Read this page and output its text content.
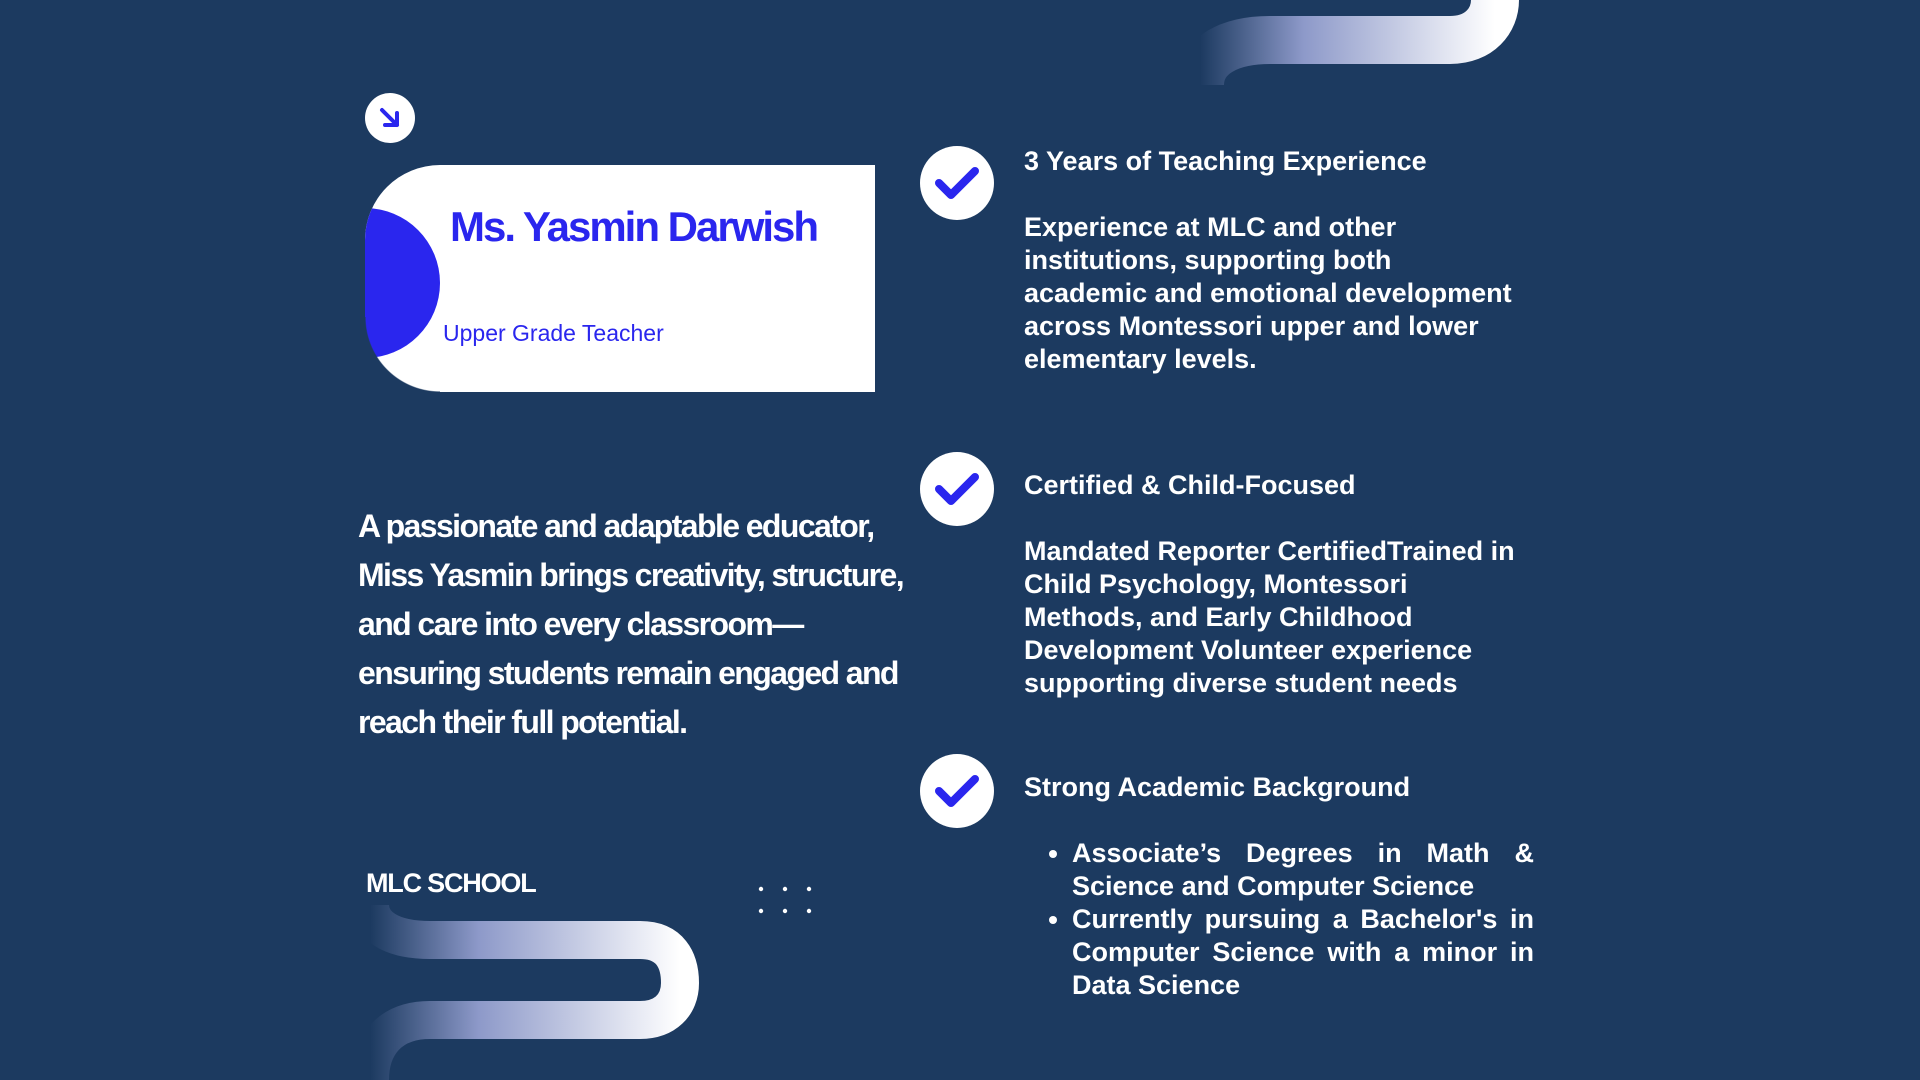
Ms. Yasmin Darwish
Upper Grade Teacher
A passionate and adaptable educator, Miss Yasmin brings creativity, structure, and care into every classroom—ensuring students remain engaged and reach their full potential.
MLC SCHOOL
3 Years of Teaching Experience
Experience at MLC and other institutions, supporting both academic and emotional development across Montessori upper and lower elementary levels.
Certified & Child-Focused
Mandated Reporter CertifiedTrained in Child Psychology, Montessori Methods, and Early Childhood Development Volunteer experience supporting diverse student needs
Strong Academic Background
• Associate’s Degrees in Math & Science and Computer Science
• Currently pursuing a Bachelor's in Computer Science with a minor in Data Science
